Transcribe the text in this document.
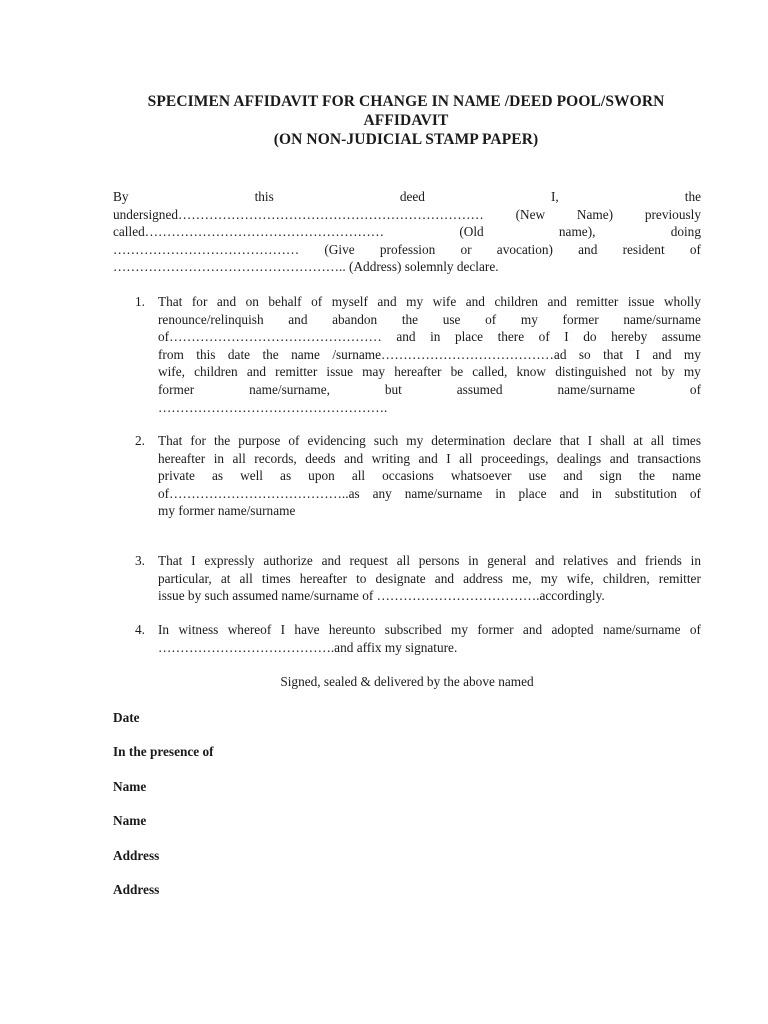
SPECIMEN AFFIDAVIT FOR CHANGE IN NAME /DEED POOL/SWORN
AFFIDAVIT
(ON NON-JUDICIAL STAMP PAPER)
By	this	deed	I,	the
undersigned…………………………………………………………… (New Name) previously
called………………………………………………	(Old	name),	doing
…………………………………… (Give profession or avocation) and resident of
…………………………………………….. (Address) solemnly declare.
1. That for and on behalf of myself and my wife and children and remitter issue wholly
renounce/relinquish and abandon the use of my former name/surname
of………………………………………… and in place there of I do hereby assume
from this date the name /surname…………………………………ad so that I and my
wife, children and remitter issue may hereafter be called, know distinguished not by my
former	name/surname,	but	assumed	name/surname	of
…………………………………………….
2. That for the purpose of evidencing such my determination declare that I shall at all times
hereafter in all records, deeds and writing and I all proceedings, dealings and transactions
private as well as upon all occasions whatsoever use and sign the name
of…………………………………..as any name/surname in place and in substitution of
my former name/surname
3. That I expressly authorize and request all persons in general and relatives and friends in
particular, at all times hereafter to designate and address me, my wife, children, remitter
issue by such assumed name/surname of ……………………………….accordingly.
4. In witness whereof I have hereunto subscribed my former and adopted name/surname of
………………………………….and affix my signature.
Signed, sealed & delivered by the above named
Date
In the presence of
Name
Name
Address
Address
